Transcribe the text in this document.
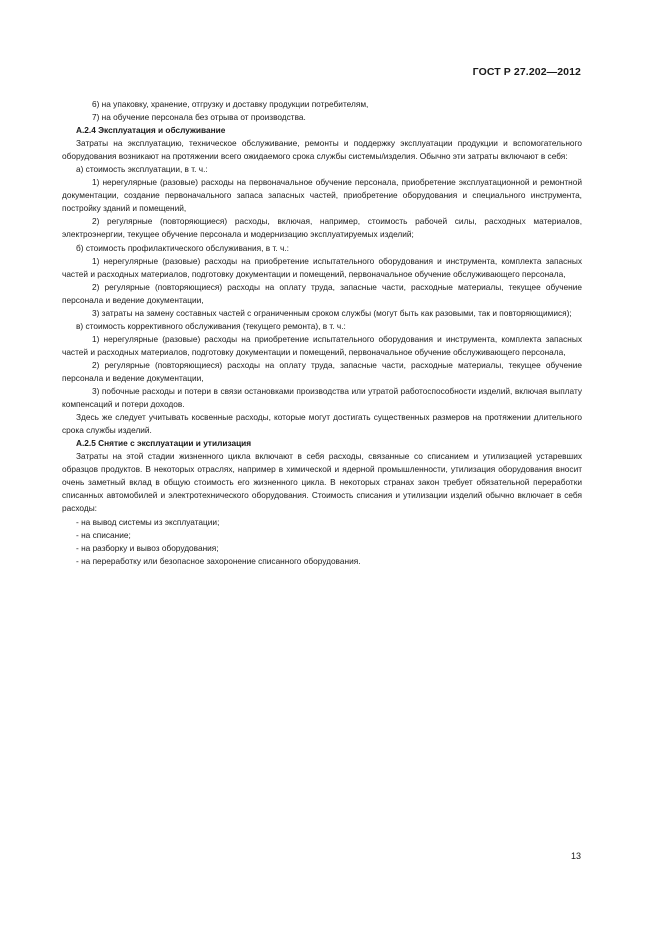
ГОСТ Р 27.202—2012

6) на упаковку, хранение, отгрузку и доставку продукции потребителям,

7) на обучение персонала без отрыва от производства.

А.2.4 Эксплуатация и обслуживание

Затраты на эксплуатацию, техническое обслуживание, ремонты и поддержку эксплуатации продукции и вспомогательного оборудования возникают на протяжении всего ожидаемого срока службы системы/изделия. Обычно эти затраты включают в себя:

а) стоимость эксплуатации, в т. ч.:

1) нерегулярные (разовые) расходы на первоначальное обучение персонала, приобретение эксплуатационной и ремонтной документации, создание первоначального запаса запасных частей, приобретение оборудования и специального инструмента, постройку зданий и помещений,

2) регулярные (повторяющиеся) расходы, включая, например, стоимость рабочей силы, расходных материалов, электроэнергии, текущее обучение персонала и модернизацию эксплуатируемых изделий;

б) стоимость профилактического обслуживания, в т. ч.:

1) нерегулярные (разовые) расходы на приобретение испытательного оборудования и инструмента, комплекта запасных частей и расходных материалов, подготовку документации и помещений, первоначальное обучение обслуживающего персонала,

2) регулярные (повторяющиеся) расходы на оплату труда, запасные части, расходные материалы, текущее обучение персонала и ведение документации,

3) затраты на замену составных частей с ограниченным сроком службы (могут быть как разовыми, так и повторяющимися);

в) стоимость коррективного обслуживания (текущего ремонта), в т. ч.:

1) нерегулярные (разовые) расходы на приобретение испытательного оборудования и инструмента, комплекта запасных частей и расходных материалов, подготовку документации и помещений, первоначальное обучение обслуживающего персонала,

2) регулярные (повторяющиеся) расходы на оплату труда, запасные части, расходные материалы, текущее обучение персонала и ведение документации,

3) побочные расходы и потери в связи остановками производства или утратой работоспособности изделий, включая выплату компенсаций и потери доходов.

Здесь же следует учитывать косвенные расходы, которые могут достигать существенных размеров на протяжении длительного срока службы изделий.

А.2.5 Снятие с эксплуатации и утилизация

Затраты на этой стадии жизненного цикла включают в себя расходы, связанные со списанием и утилизацией устаревших образцов продуктов. В некоторых отраслях, например в химической и ядерной промышленности, утилизация оборудования вносит очень заметный вклад в общую стоимость его жизненного цикла. В некоторых странах закон требует обязательной переработки списанных автомобилей и электротехнического оборудования. Стоимость списания и утилизации изделий обычно включает в себя расходы:

- на вывод системы из эксплуатации;

- на списание;

- на разборку и вывоз оборудования;

- на переработку или безопасное захоронение списанного оборудования.

13
